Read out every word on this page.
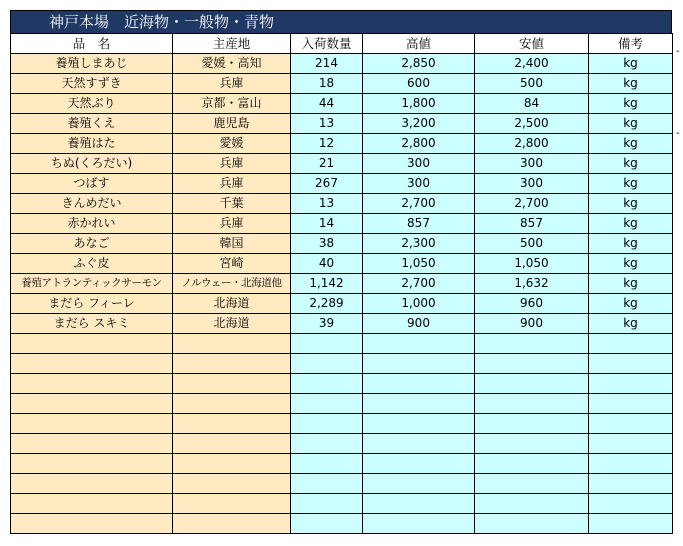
神戸本場　近海物・一般物・青物
品　名	主産地	入荷数量	高値	安値	備考
養殖しまあじ	愛媛・高知	214	2,850	2,400	kg
天然すずき	兵庫	18	600	500	kg
天然ぶり	京都・富山	44	1,800	84	kg
養殖くえ	鹿児島	13	3,200	2,500	kg
養殖はた	愛媛	12	2,800	2,800	kg
ちぬ(くろだい)	兵庫	21	300	300	kg
つばす	兵庫	267	300	300	kg
きんめだい	千葉	13	2,700	2,700	kg
赤かれい	兵庫	14	857	857	kg
あなご	韓国	38	2,300	500	kg
ふぐ皮	宮崎	40	1,050	1,050	kg
養殖アトランティックサーモン	ノルウェー・北海道他	1,142	2,700	1,632	kg
まだら フィーレ	北海道	2,289	1,000	960	kg
まだら スキミ	北海道	39	900	900	kg

‐
‐
